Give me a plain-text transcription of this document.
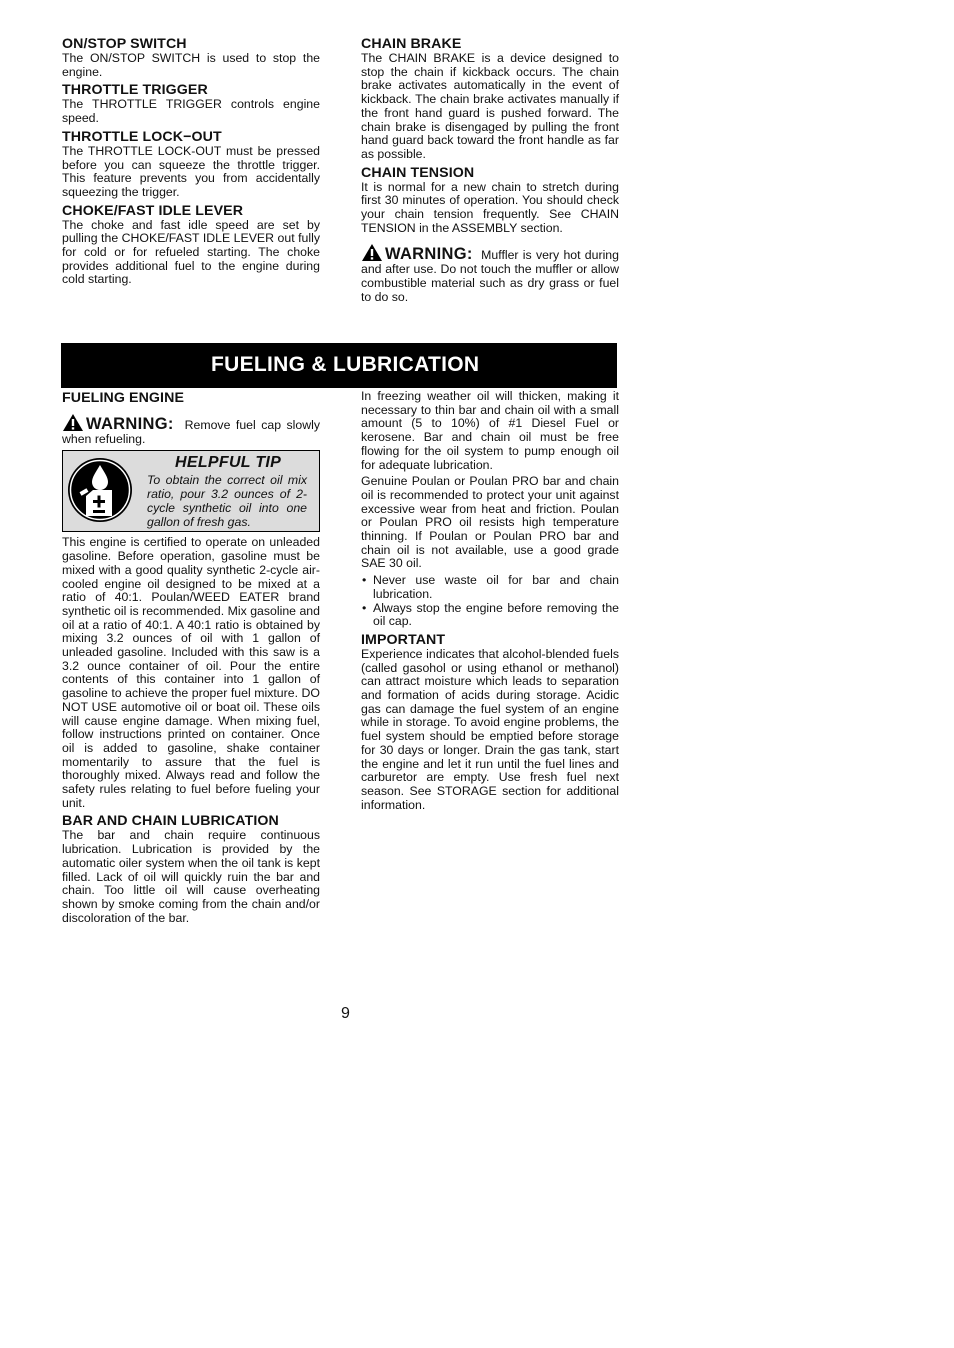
ON/STOP SWITCH

The ON/STOP SWITCH is used to stop the engine.

THROTTLE TRIGGER

The THROTTLE TRIGGER controls engine speed.

THROTTLE LOCK−OUT

The THROTTLE LOCK-OUT must be pressed before you can squeeze the throttle trigger. This feature prevents you from accidentally squeezing the trigger.

CHOKE/FAST IDLE LEVER

The choke and fast idle speed are set by pulling the CHOKE/FAST IDLE LEVER out fully for cold or for refueled starting. The choke provides additional fuel to the engine during cold starting.

CHAIN BRAKE

The CHAIN BRAKE is a device designed to stop the chain if kickback occurs. The chain brake activates automatically in the event of kickback. The chain brake activates manually if the front hand guard is pushed forward. The chain brake is disengaged by pulling the front hand guard back toward the front handle as far as possible.

CHAIN TENSION

It is normal for a new chain to stretch during first 30 minutes of operation. You should check your chain tension frequently. See CHAIN TENSION in the ASSEMBLY section.

WARNING: Muffler is very hot during and after use. Do not touch the muffler or allow combustible material such as dry grass or fuel to do so.
FUELING & LUBRICATION
FUELING ENGINE
WARNING: Remove fuel cap slowly when refueling.
HELPFUL TIP
To obtain the correct oil mix ratio, pour 3.2 ounces of 2-cycle synthetic oil into one gallon of fresh gas.

This engine is certified to operate on unleaded gasoline. Before operation, gasoline must be mixed with a good quality synthetic 2-cycle air-cooled engine oil designed to be mixed at a ratio of 40:1. Poulan/WEED EATER brand synthetic oil is recommended. Mix gasoline and oil at a ratio of 40:1. A 40:1 ratio is obtained by mixing 3.2 ounces of oil with 1 gallon of unleaded gasoline. Included with this saw is a 3.2 ounce container of oil. Pour the entire contents of this container into 1 gallon of gasoline to achieve the proper fuel mixture. DO NOT USE automotive oil or boat oil. These oils will cause engine damage. When mixing fuel, follow instructions printed on container. Once oil is added to gasoline, shake container momentarily to assure that the fuel is thoroughly mixed. Always read and follow the safety rules relating to fuel before fueling your unit.

BAR AND CHAIN LUBRICATION

The bar and chain require continuous lubrication. Lubrication is provided by the automatic oiler system when the oil tank is kept filled. Lack of oil will quickly ruin the bar and chain. Too little oil will cause overheating shown by smoke coming from the chain and/or discoloration of the bar.

In freezing weather oil will thicken, making it necessary to thin bar and chain oil with a small amount (5 to 10%) of #1 Diesel Fuel or kerosene. Bar and chain oil must be free flowing for the oil system to pump enough oil for adequate lubrication.

Genuine Poulan or Poulan PRO bar and chain oil is recommended to protect your unit against excessive wear from heat and friction. Poulan or Poulan PRO oil resists high temperature thinning. If Poulan or Poulan PRO bar and chain oil is not available, use a good grade SAE 30 oil.

• Never use waste oil for bar and chain lubrication.
• Always stop the engine before removing the oil cap.
IMPORTANT

Experience indicates that alcohol-blended fuels (called gasohol or using ethanol or methanol) can attract moisture which leads to separation and formation of acids during storage. Acidic gas can damage the fuel system of an engine while in storage. To avoid engine problems, the fuel system should be emptied before storage for 30 days or longer. Drain the gas tank, start the engine and let it run until the fuel lines and carburetor are empty. Use fresh fuel next season. See STORAGE section for additional information.

9
